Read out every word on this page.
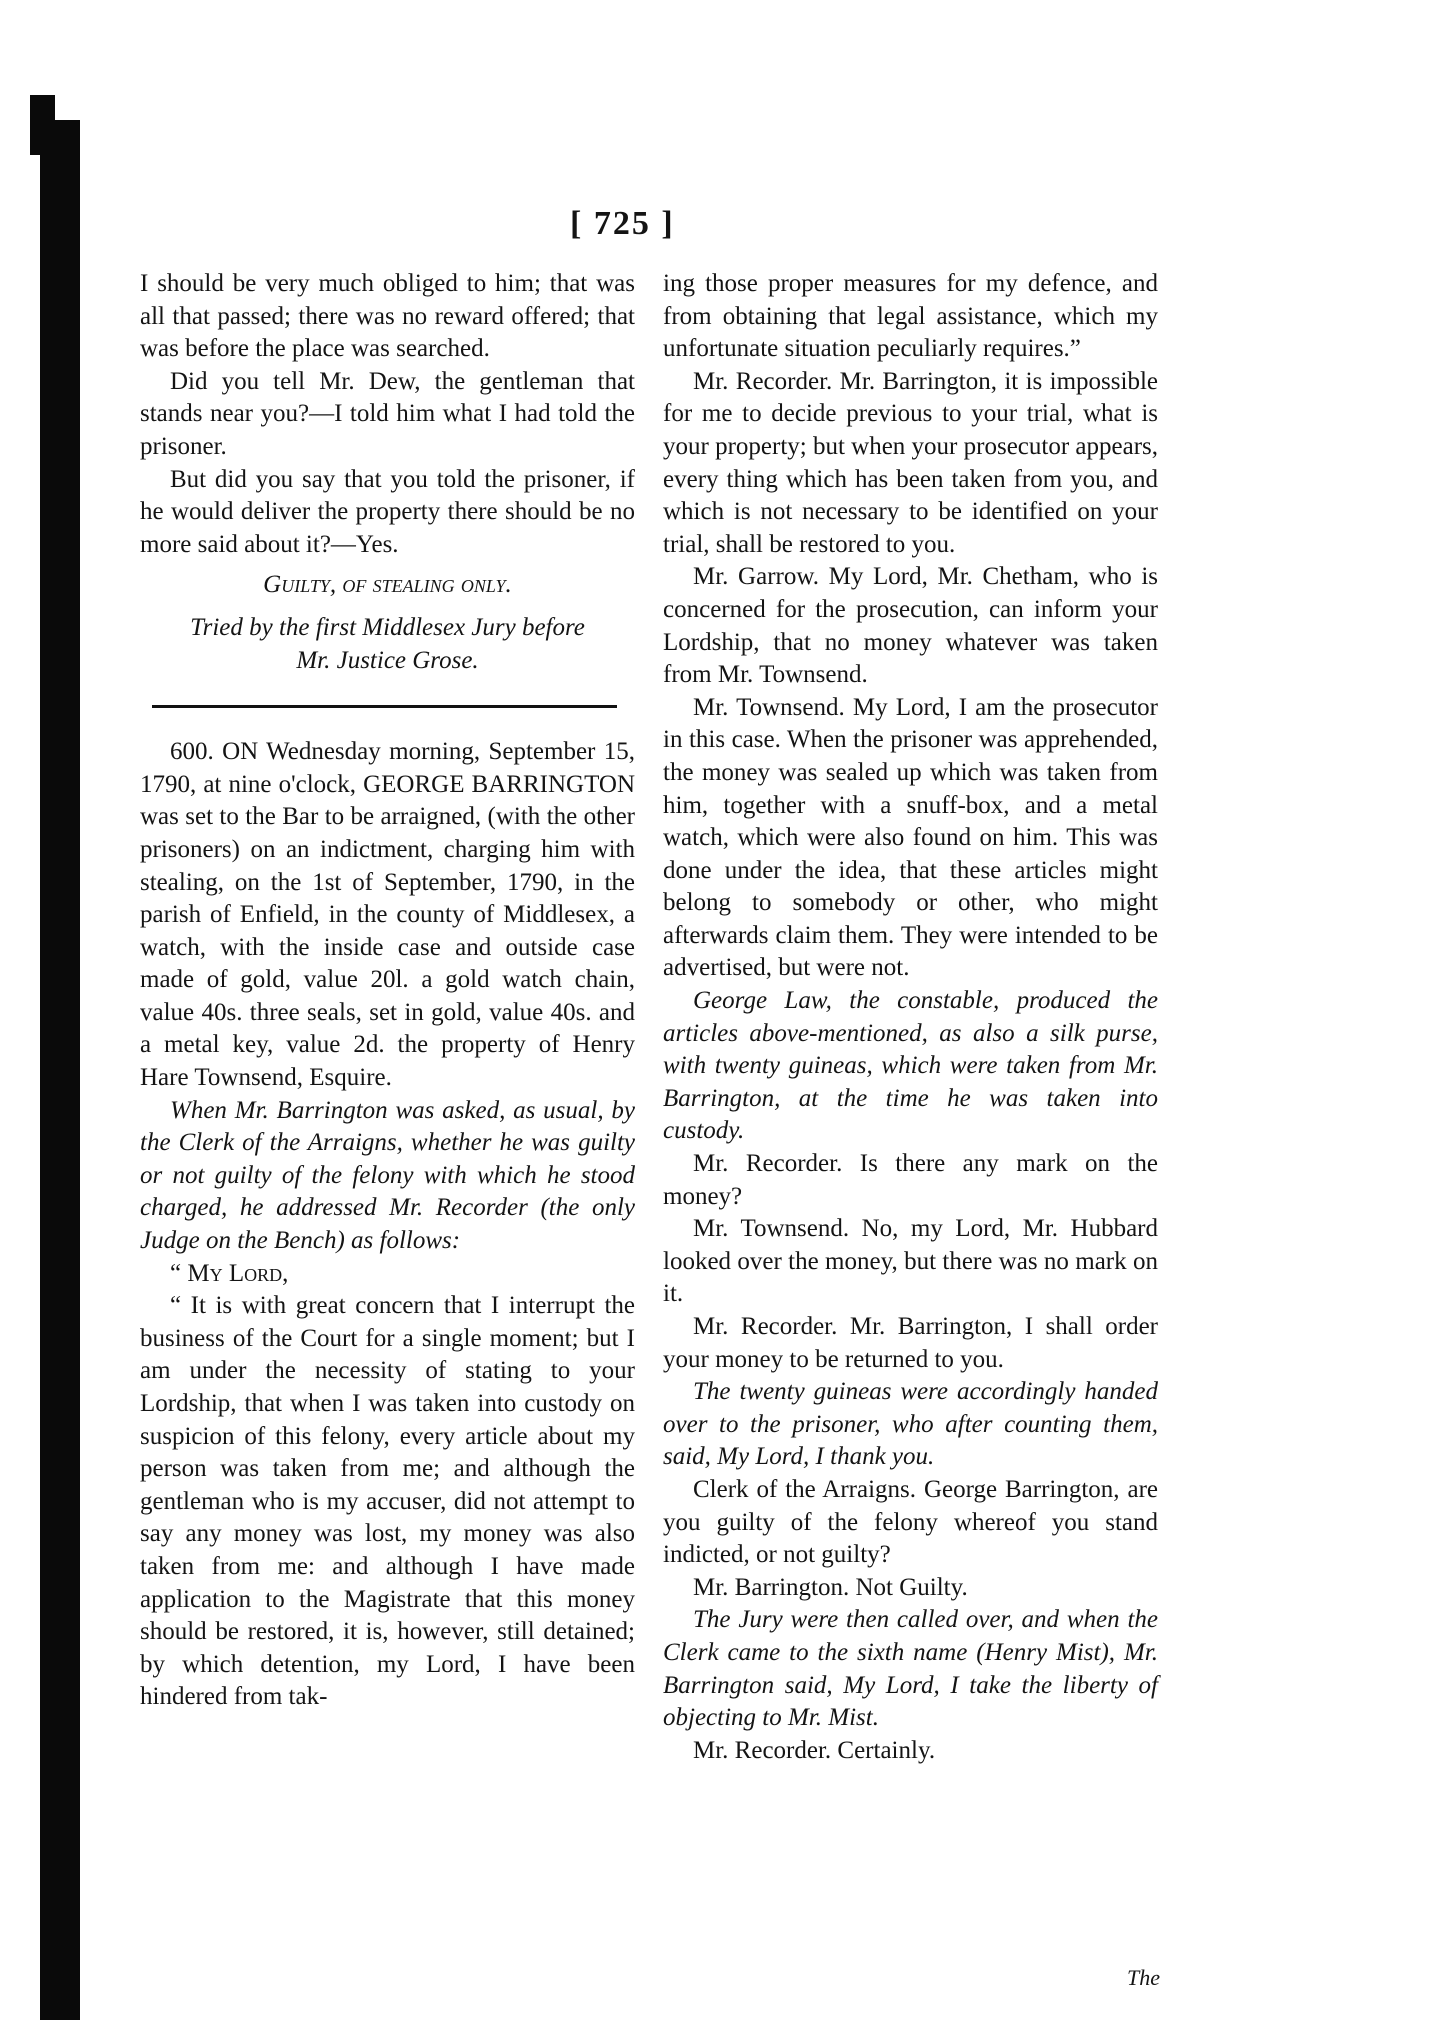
[ 725 ]

I should be very much obliged to him; that was all that passed; there was no reward offered; that was before the place was searched.

Did you tell Mr. Dew, the gentleman that stands near you?—I told him what I had told the prisoner.

But did you say that you told the prisoner, if he would deliver the property there should be no more said about it?—Yes.

Guilty, of stealing only.

Tried by the first Middlesex Jury before

Mr. Justice Grose.

600. ON Wednesday morning, September 15, 1790, at nine o'clock, GEORGE BARRINGTON was set to the Bar to be arraigned, (with the other prisoners) on an indictment, charging him with stealing, on the 1st of September, 1790, in the parish of Enfield, in the county of Middlesex, a watch, with the inside case and outside case made of gold, value 20l. a gold watch chain, value 40s. three seals, set in gold, value 40s. and a metal key, value 2d. the property of Henry Hare Townsend, Esquire.

When Mr. Barrington was asked, as usual, by the Clerk of the Arraigns, whether he was guilty or not guilty of the felony with which he stood charged, he addressed Mr. Recorder (the only Judge on the Bench) as follows:

“ My Lord,

“ It is with great concern that I interrupt the business of the Court for a single moment; but I am under the necessity of stating to your Lordship, that when I was taken into custody on suspicion of this felony, every article about my person was taken from me; and although the gentleman who is my accuser, did not attempt to say any money was lost, my money was also taken from me: and although I have made application to the Magistrate that this money should be restored, it is, however, still detained; by which detention, my Lord, I have been hindered from tak-

ing those proper measures for my defence, and from obtaining that legal assistance, which my unfortunate situation peculiarly requires.”

Mr. Recorder. Mr. Barrington, it is impossible for me to decide previous to your trial, what is your property; but when your prosecutor appears, every thing which has been taken from you, and which is not necessary to be identified on your trial, shall be restored to you.

Mr. Garrow. My Lord, Mr. Chetham, who is concerned for the prosecution, can inform your Lordship, that no money whatever was taken from Mr. Townsend.

Mr. Townsend. My Lord, I am the prosecutor in this case. When the prisoner was apprehended, the money was sealed up which was taken from him, together with a snuff-box, and a metal watch, which were also found on him. This was done under the idea, that these articles might belong to somebody or other, who might afterwards claim them. They were intended to be advertised, but were not.

George Law, the constable, produced the articles above-mentioned, as also a silk purse, with twenty guineas, which were taken from Mr. Barrington, at the time he was taken into custody.

Mr. Recorder. Is there any mark on the money?

Mr. Townsend. No, my Lord, Mr. Hubbard looked over the money, but there was no mark on it.

Mr. Recorder. Mr. Barrington, I shall order your money to be returned to you.

The twenty guineas were accordingly handed over to the prisoner, who after counting them, said, My Lord, I thank you.

Clerk of the Arraigns. George Barrington, are you guilty of the felony whereof you stand indicted, or not guilty?

Mr. Barrington. Not Guilty.

The Jury were then called over, and when the Clerk came to the sixth name (Henry Mist), Mr. Barrington said, My Lord, I take the liberty of objecting to Mr. Mist.

Mr. Recorder. Certainly.

The
